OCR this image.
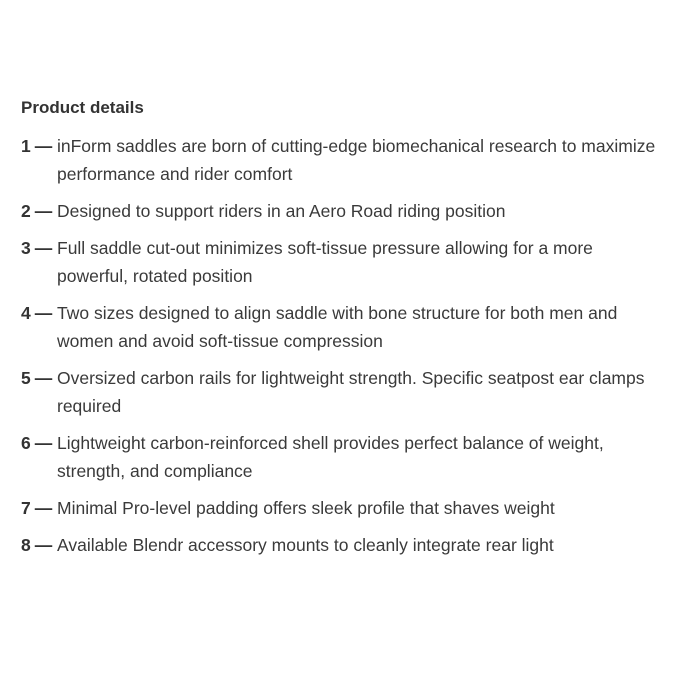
Product details
1 — inForm saddles are born of cutting-edge biomechanical research to maximize performance and rider comfort
2 — Designed to support riders in an Aero Road riding position
3 — Full saddle cut-out minimizes soft-tissue pressure allowing for a more powerful, rotated position
4 — Two sizes designed to align saddle with bone structure for both men and women and avoid soft-tissue compression
5 — Oversized carbon rails for lightweight strength. Specific seatpost ear clamps required
6 — Lightweight carbon-reinforced shell provides perfect balance of weight, strength, and compliance
7 — Minimal Pro-level padding offers sleek profile that shaves weight
8 — Available Blendr accessory mounts to cleanly integrate rear light
